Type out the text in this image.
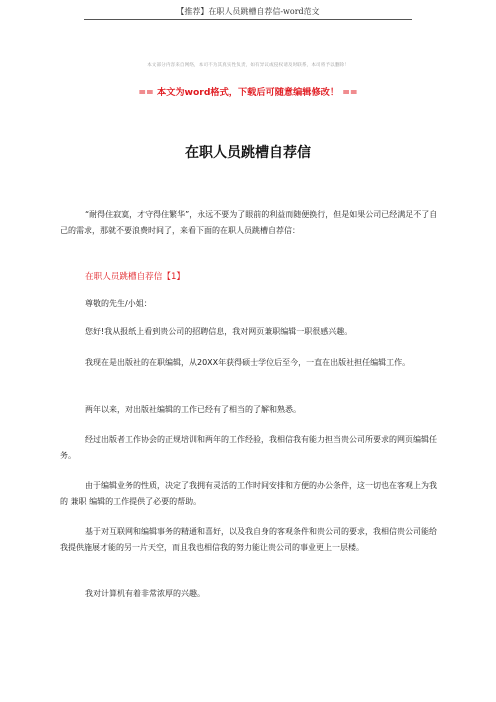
【推荐】在职人员跳槽自荐信-word范文
本文部分内容来自网络，本司不为其真实性负责，如有异议或侵权请及时联系，本司将予以删除！
== 本文为word格式，下载后可随意编辑修改！ ==
在职人员跳槽自荐信
“耐得住寂寞，才守得住繁华”，永远不要为了眼前的利益而随便换行，但是如果公司已经满足不了自己的需求，那就不要浪费时间了，来看下面的在职人员跳槽自荐信：
在职人员跳槽自荐信【1】
尊敬的先生/小姐：
您好!我从报纸上看到贵公司的招聘信息，我对网页兼职编辑一职很感兴趣。
我现在是出版社的在职编辑，从20XX年获得硕士学位后至今，一直在出版社担任编辑工作。
两年以来，对出版社编辑的工作已经有了相当的了解和熟悉。
经过出版者工作协会的正规培训和两年的工作经验，我相信我有能力担当贵公司所要求的网页编辑任务。
由于编辑业务的性质，决定了我拥有灵活的工作时间安排和方便的办公条件，这一切也在客观上为我的 兼职 编辑的工作提供了必要的帮助。
基于对互联网和编辑事务的精通和喜好，以及我自身的客观条件和贵公司的要求，我相信贵公司能给我提供施展才能的另一片天空，而且我也相信我的努力能让贵公司的事业更上一层楼。
我对计算机有着非常浓厚的兴趣。
